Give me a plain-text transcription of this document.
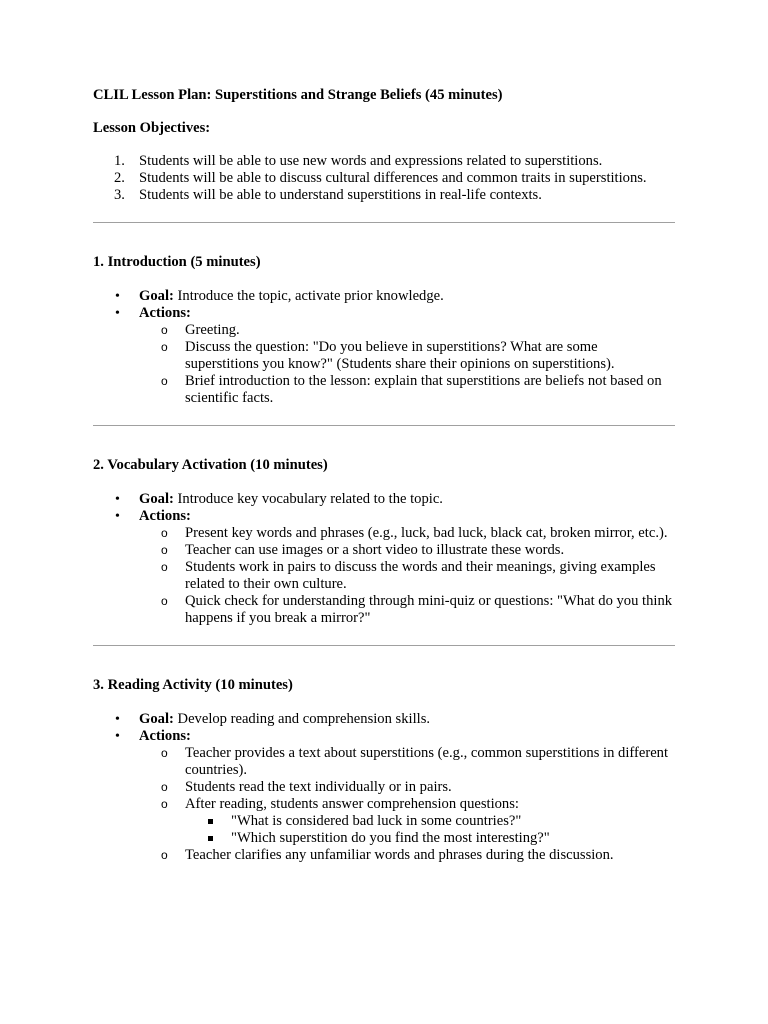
CLIL Lesson Plan: Superstitions and Strange Beliefs (45 minutes)

Lesson Objectives:

1. Students will be able to use new words and expressions related to superstitions.
2. Students will be able to discuss cultural differences and common traits in superstitions.
3. Students will be able to understand superstitions in real-life contexts.

1. Introduction (5 minutes)

• Goal: Introduce the topic, activate prior knowledge.
• Actions:
o Greeting.
o Discuss the question: "Do you believe in superstitions? What are some superstitions you know?" (Students share their opinions on superstitions).
o Brief introduction to the lesson: explain that superstitions are beliefs not based on scientific facts.

2. Vocabulary Activation (10 minutes)

• Goal: Introduce key vocabulary related to the topic.
• Actions:
o Present key words and phrases (e.g., luck, bad luck, black cat, broken mirror, etc.).
o Teacher can use images or a short video to illustrate these words.
o Students work in pairs to discuss the words and their meanings, giving examples related to their own culture.
o Quick check for understanding through mini-quiz or questions: "What do you think happens if you break a mirror?"

3. Reading Activity (10 minutes)

• Goal: Develop reading and comprehension skills.
• Actions:
o Teacher provides a text about superstitions (e.g., common superstitions in different countries).
o Students read the text individually or in pairs.
o After reading, students answer comprehension questions:
"What is considered bad luck in some countries?"
"Which superstition do you find the most interesting?"
o Teacher clarifies any unfamiliar words and phrases during the discussion.
